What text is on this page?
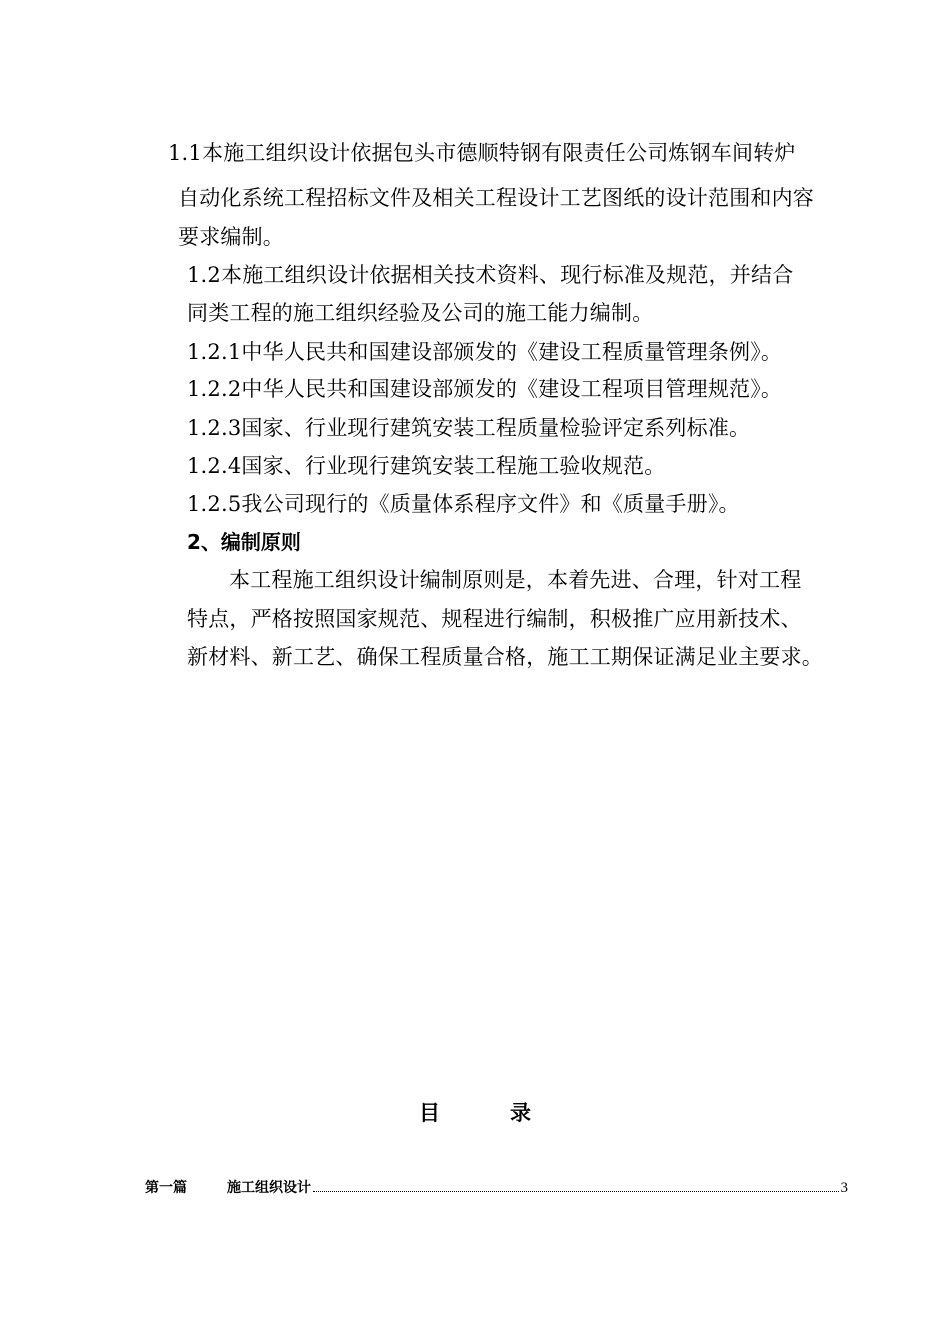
1.1本施工组织设计依据包头市德顺特钢有限责任公司炼钢车间转炉
自动化系统工程招标文件及相关工程设计工艺图纸的设计范围和内容
要求编制。
1.2本施工组织设计依据相关技术资料、现行标准及规范，并结合
同类工程的施工组织经验及公司的施工能力编制。
1.2.1中华人民共和国建设部颁发的《建设工程质量管理条例》。
1.2.2中华人民共和国建设部颁发的《建设工程项目管理规范》。
1.2.3国家、行业现行建筑安装工程质量检验评定系列标准。
1.2.4国家、行业现行建筑安装工程施工验收规范。
1.2.5我公司现行的《质量体系程序文件》和《质量手册》。
2、编制原则
本工程施工组织设计编制原则是，本着先进、合理，针对工程
特点，严格按照国家规范、规程进行编制，积极推广应用新技术、
新材料、新工艺、确保工程质量合格，施工工期保证满足业主要求。
目录
第一篇	施工组织设计	3
